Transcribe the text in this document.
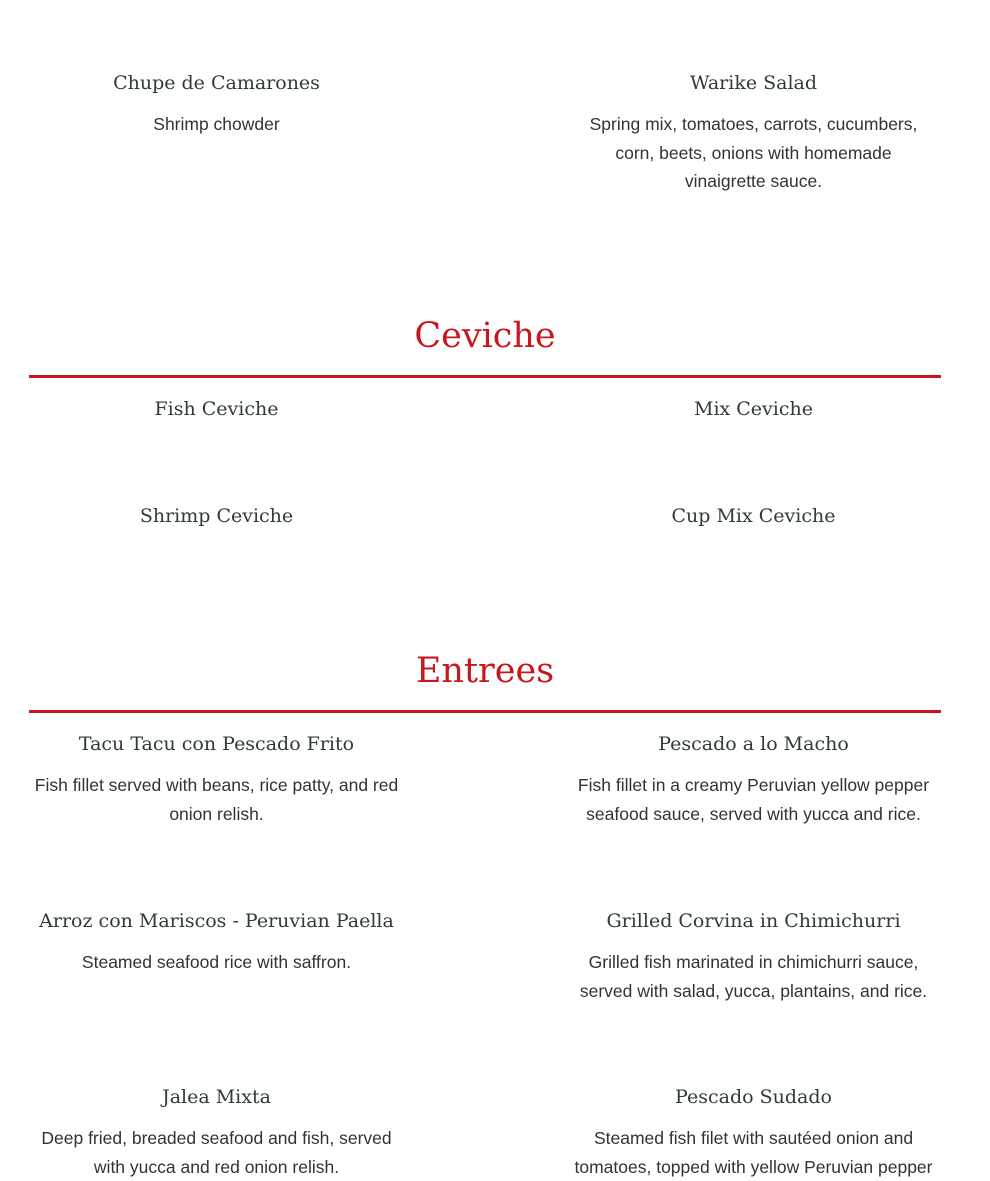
Chupe de Camarones
Shrimp chowder
Warike Salad
Spring mix, tomatoes, carrots, cucumbers, corn, beets, onions with homemade vinaigrette sauce.
Ceviche
Fish Ceviche	Mix Ceviche
Shrimp Ceviche	Cup Mix Ceviche
Entrees
Tacu Tacu con Pescado Frito
Fish fillet served with beans, rice patty, and red onion relish.
Pescado a lo Macho
Fish fillet in a creamy Peruvian yellow pepper seafood sauce, served with yucca and rice.
Arroz con Mariscos - Peruvian Paella
Steamed seafood rice with saffron.
Grilled Corvina in Chimichurri
Grilled fish marinated in chimichurri sauce, served with salad, yucca, plantains, and rice.
Jalea Mixta
Deep fried, breaded seafood and fish, served with yucca and red onion relish.
Pescado Sudado
Steamed fish filet with sautéed onion and tomatoes, topped with yellow Peruvian pepper
